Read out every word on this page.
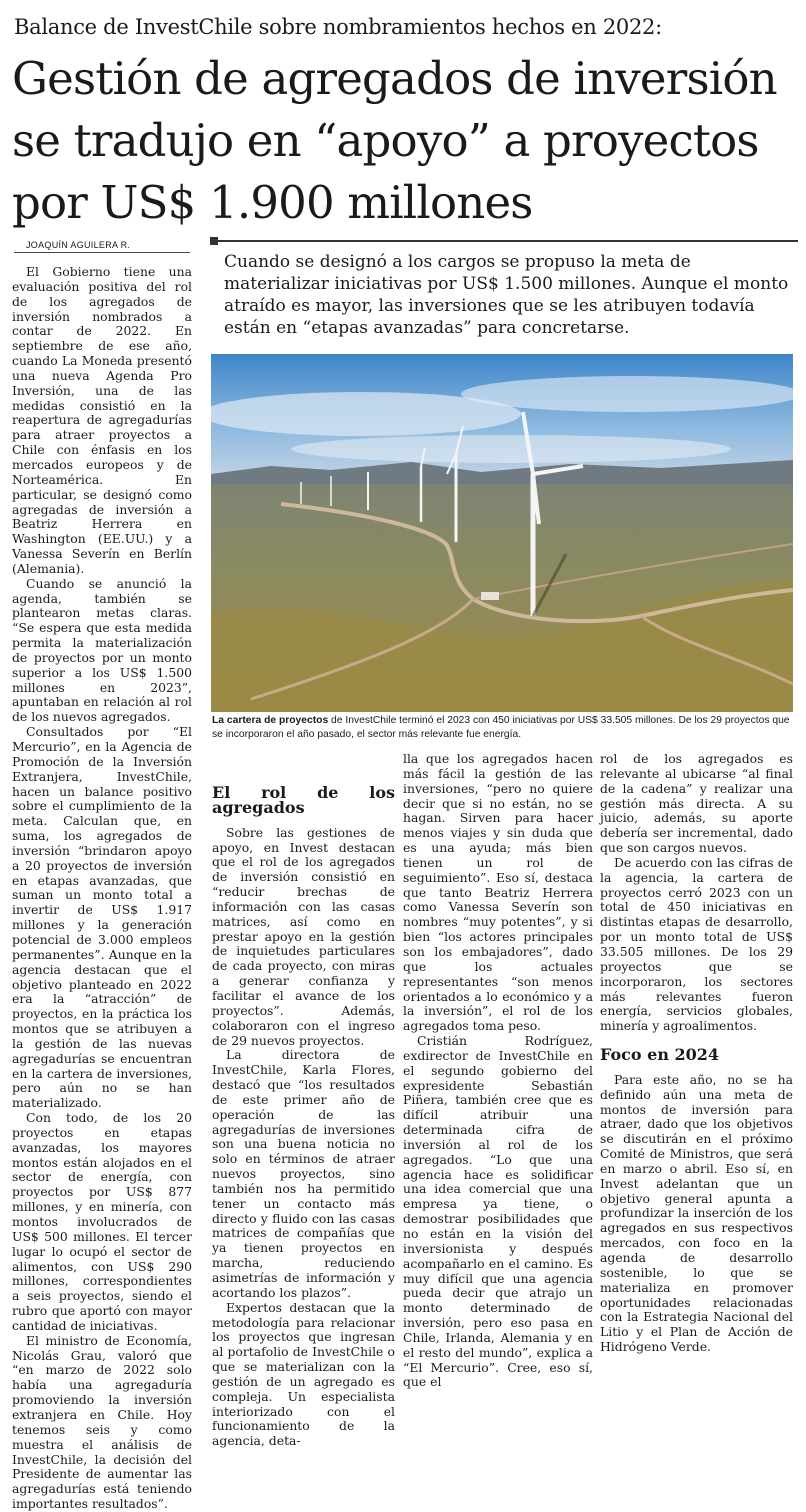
Balance de InvestChile sobre nombramientos hechos en 2022:
Gestión de agregados de inversión se tradujo en “apoyo” a proyectos por US$ 1.900 millones
JOAQUÍN AGUILERA R.
Cuando se designó a los cargos se propuso la meta de materializar iniciativas por US$ 1.500 millones. Aunque el monto atraído es mayor, las inversiones que se les atribuyen todavía están en “etapas avanzadas” para concretarse.

El Gobierno tiene una evaluación positiva del rol de los agregados de inversión nombrados a contar de 2022. En septiembre de ese año, cuando La Moneda presentó una nueva Agenda Pro Inversión, una de las medidas consistió en la reapertura de agregadurías para atraer proyectos a Chile con énfasis en los mercados europeos y de Norteamérica. En particular, se designó como agregadas de inversión a Beatriz Herrera en Washington (EE.UU.) y a Vanessa Severín en Berlín (Alemania).

Cuando se anunció la agenda, también se plantearon metas claras. “Se espera que esta medida permita la materialización de proyectos por un monto superior a los US$ 1.500 millones en 2023”, apuntaban en relación al rol de los nuevos agregados.

Consultados por “El Mercurio”, en la Agencia de Promoción de la Inversión Extranjera, InvestChile, hacen un balance positivo sobre el cumplimiento de la meta. Calculan que, en suma, los agregados de inversión “brindaron apoyo a 20 proyectos de inversión en etapas avanzadas, que suman un monto total a invertir de US$ 1.917 millones y la generación potencial de 3.000 empleos permanentes”. Aunque en la agencia destacan que el objetivo planteado en 2022 era la “atracción” de proyectos, en la práctica los montos que se atribuyen a la gestión de las nuevas agregadurías se encuentran en la cartera de inversiones, pero aún no se han materializado.

Con todo, de los 20 proyectos en etapas avanzadas, los mayores montos están alojados en el sector de energía, con proyectos por US$ 877 millones, y en minería, con montos involucrados de US$ 500 millones. El tercer lugar lo ocupó el sector de alimentos, con US$ 290 millones, correspondientes a seis proyectos, siendo el rubro que aportó con mayor cantidad de iniciativas.

El ministro de Economía, Nicolás Grau, valoró que “en marzo de 2022 solo había una agregaduría promoviendo la inversión extranjera en Chile. Hoy tenemos seis y como muestra el análisis de InvestChile, la decisión del Presidente de aumentar las agregadurías está teniendo importantes resultados”.

La cartera de proyectos de InvestChile terminó el 2023 con 450 iniciativas por US$ 33.505 millones. De los 29 proyectos que se incorporaron el año pasado, el sector más relevante fue energía.
El rol de los agregados

Sobre las gestiones de apoyo, en Invest destacan que el rol de los agregados de inversión consistió en “reducir brechas de información con las casas matrices, así como en prestar apoyo en la gestión de inquietudes particulares de cada proyecto, con miras a generar confianza y facilitar el avance de los proyectos”. Además, colaboraron con el ingreso de 29 nuevos proyectos.

La directora de InvestChile, Karla Flores, destacó que “los resultados de este primer año de operación de las agregadurías de inversiones son una buena noticia no solo en términos de atraer nuevos proyectos, sino también nos ha permitido tener un contacto más directo y fluido con las casas matrices de compañías que ya tienen proyectos en marcha, reduciendo asimetrías de información y acortando los plazos”.

Expertos destacan que la metodología para relacionar los proyectos que ingresan al portafolio de InvestChile o que se materializan con la gestión de un agregado es compleja. Un especialista interiorizado con el funcionamiento de la agencia, deta-

lla que los agregados hacen más fácil la gestión de las inversiones, “pero no quiere decir que si no están, no se hagan. Sirven para hacer menos viajes y sin duda que es una ayuda; más bien tienen un rol de seguimiento”. Eso sí, destaca que tanto Beatriz Herrera como Vanessa Severín son nombres “muy potentes”, y si bien “los actores principales son los embajadores”, dado que los actuales representantes “son menos orientados a lo económico y a la inversión”, el rol de los agregados toma peso.

Cristián Rodríguez, exdirector de InvestChile en el segundo gobierno del expresidente Sebastián Piñera, también cree que es difícil atribuir una determinada cifra de inversión al rol de los agregados. “Lo que una agencia hace es solidificar una idea comercial que una empresa ya tiene, o demostrar posibilidades que no están en la visión del inversionista y después acompañarlo en el camino. Es muy difícil que una agencia pueda decir que atrajo un monto determinado de inversión, pero eso pasa en Chile, Irlanda, Alemania y en el resto del mundo”, explica a “El Mercurio”. Cree, eso sí, que el

rol de los agregados es relevante al ubicarse “al final de la cadena” y realizar una gestión más directa. A su juicio, además, su aporte debería ser incremental, dado que son cargos nuevos.

De acuerdo con las cifras de la agencia, la cartera de proyectos cerró 2023 con un total de 450 iniciativas en distintas etapas de desarrollo, por un monto total de US$ 33.505 millones. De los 29 proyectos que se incorporaron, los sectores más relevantes fueron energía, servicios globales, minería y agroalimentos.

Foco en 2024

Para este año, no se ha definido aún una meta de montos de inversión para atraer, dado que los objetivos se discutirán en el próximo Comité de Ministros, que será en marzo o abril. Eso sí, en Invest adelantan que un objetivo general apunta a profundizar la inserción de los agregados en sus respectivos mercados, con foco en la agenda de desarrollo sostenible, lo que se materializa en promover oportunidades relacionadas con la Estrategia Nacional del Litio y el Plan de Acción de Hidrógeno Verde.
